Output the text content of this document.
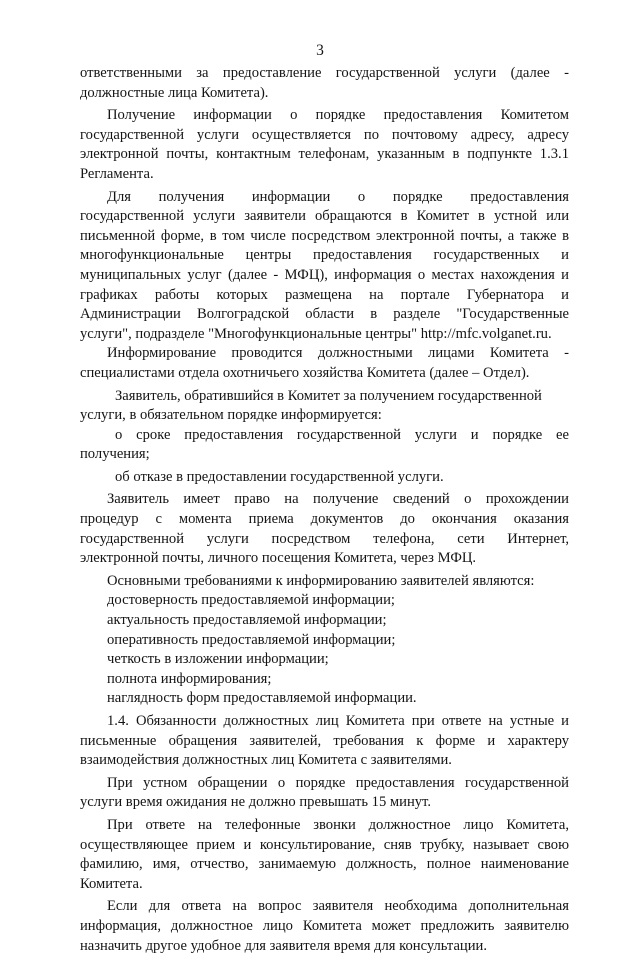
3
ответственными за предоставление государственной услуги (далее -
должностные лица Комитета).
Получение информации о порядке предоставления Комитетом
государственной услуги осуществляется по почтовому адресу, адресу
электронной почты, контактным телефонам, указанным в подпункте 1.3.1
Регламента.
Для получения информации о порядке предоставления
государственной услуги заявители обращаются в Комитет в устной или
письменной форме, в том числе посредством электронной почты, а также в
многофункциональные центры предоставления государственных и
муниципальных услуг (далее - МФЦ), информация о местах нахождения и
графиках работы которых размещена на портале Губернатора и
Администрации Волгоградской области в разделе "Государственные
услуги", подразделе "Многофункциональные центры" http://mfc.volganet.ru.
Информирование проводится должностными лицами Комитета -
специалистами отдела охотничьего хозяйства Комитета (далее – Отдел).
Заявитель, обратившийся в Комитет за получением государственной
услуги, в обязательном порядке информируется:
о сроке предоставления государственной услуги и порядке ее
получения;
об отказе в предоставлении государственной услуги.
Заявитель имеет право на получение сведений о прохождении
процедур с момента приема документов до окончания оказания
государственной услуги посредством телефона, сети Интернет,
электронной почты, личного посещения Комитета, через МФЦ.
Основными требованиями к информированию заявителей являются:
достоверность предоставляемой информации;
актуальность предоставляемой информации;
оперативность предоставляемой информации;
четкость в изложении информации;
полнота информирования;
наглядность форм предоставляемой информации.
1.4. Обязанности должностных лиц Комитета при ответе на устные и
письменные обращения заявителей, требования к форме и характеру
взаимодействия должностных лиц Комитета с заявителями.
При устном обращении о порядке предоставления государственной
услуги время ожидания не должно превышать 15 минут.
При ответе на телефонные звонки должностное лицо Комитета,
осуществляющее прием и консультирование, сняв трубку, называет свою
фамилию, имя, отчество, занимаемую должность, полное наименование
Комитета.
Если для ответа на вопрос заявителя необходима дополнительная
информация, должностное лицо Комитета может предложить заявителю
назначить другое удобное для заявителя время для консультации.
